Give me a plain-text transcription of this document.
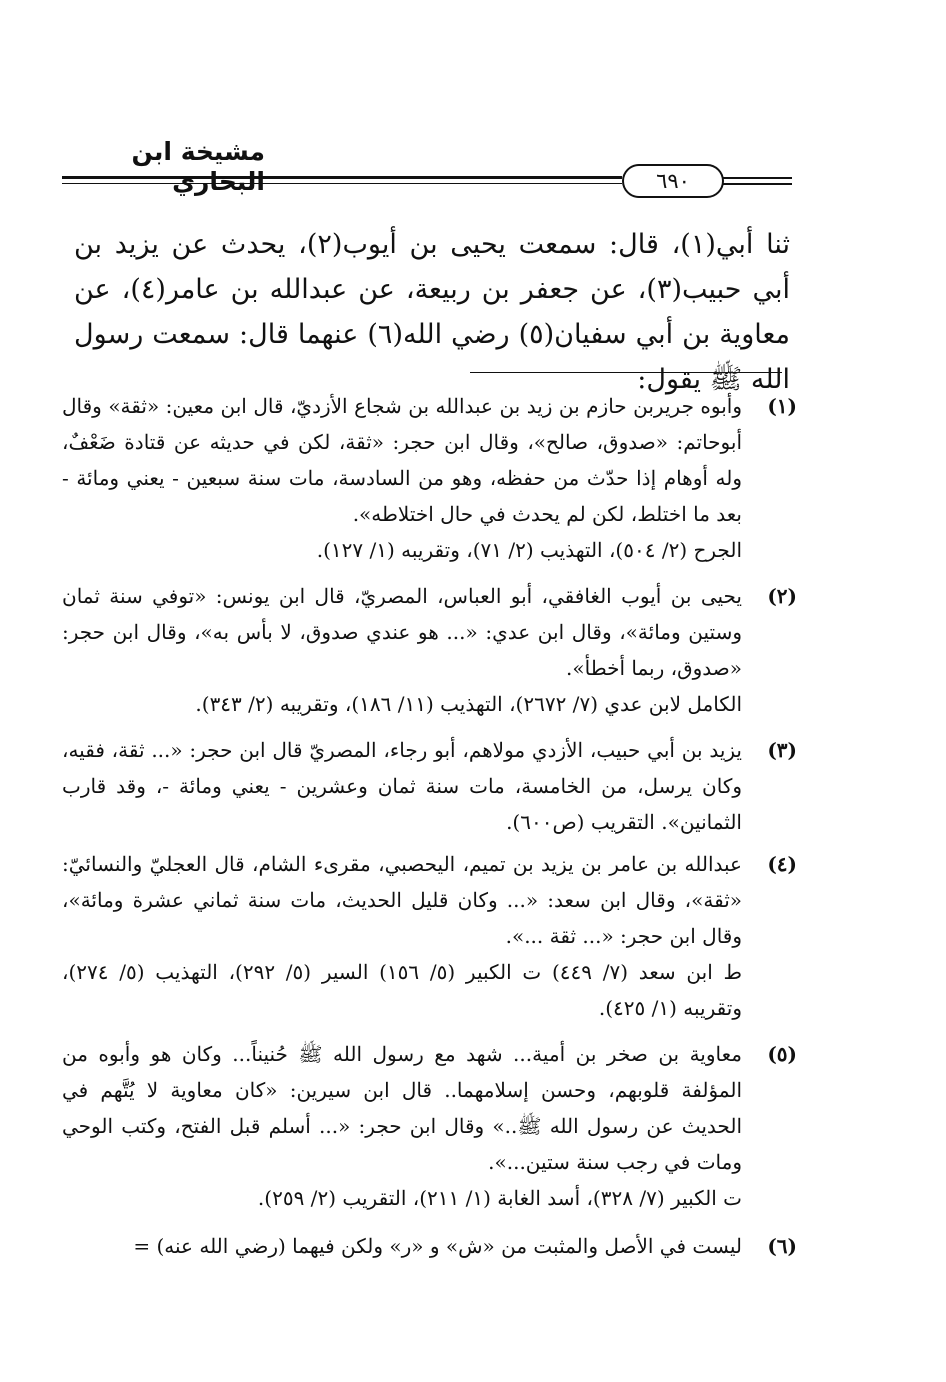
مشيخة ابن البخاري	٦٩٠

ثنا أبي(١)، قال: سمعت يحيى بن أيوب(٢)، يحدث عن يزيد بن أبي حبيب(٣)، عن جعفر بن ربيعة، عن عبدالله بن عامر(٤)، عن معاوية بن أبي سفيان(٥) رضي الله(٦) عنهما قال: سمعت رسول الله ﷺ يقول:

(١)
وأبوه جريربن حازم بن زيد بن عبدالله بن شجاع الأزديّ، قال ابن معين: «ثقة» وقال أبوحاتم: «صدوق، صالح»، وقال ابن حجر: «ثقة، لكن في حديثه عن قتادة ضَعْفٌ، وله أوهام إذا حدّث من حفظه، وهو من السادسة، مات سنة سبعين - يعني ومائة - بعد ما اختلط، لكن لم يحدث في حال اختلاطه».
الجرح (٢/ ٥٠٤)، التهذيب (٢/ ٧١)، وتقريبه (١/ ١٢٧).
(٢)
يحيى بن أيوب الغافقي، أبو العباس، المصريّ، قال ابن يونس: «توفي سنة ثمان وستين ومائة»، وقال ابن عدي: «... هو عندي صدوق، لا بأس به»، وقال ابن حجر: «صدوق، ربما أخطأ».
الكامل لابن عدي (٧/ ٢٦٧٢)، التهذيب (١١/ ١٨٦)، وتقريبه (٢/ ٣٤٣).
(٣)
يزيد بن أبي حبيب، الأزدي مولاهم، أبو رجاء، المصريّ قال ابن حجر: «... ثقة، فقيه، وكان يرسل، من الخامسة، مات سنة ثمان وعشرين - يعني ومائة -، وقد قارب الثمانين». التقريب (ص٦٠٠).
(٤)
عبدالله بن عامر بن يزيد بن تميم، اليحصبي، مقرىء الشام، قال العجليّ والنسائيّ: «ثقة»، وقال ابن سعد: «... وكان قليل الحديث، مات سنة ثماني عشرة ومائة»، وقال ابن حجر: «... ثقة ...».
ط ابن سعد (٧/ ٤٤٩) ت الكبير (٥/ ١٥٦) السير (٥/ ٢٩٢)، التهذيب (٥/ ٢٧٤)، وتقريبه (١/ ٤٢٥).
(٥)
معاوية بن صخر بن أمية... شهد مع رسول الله ﷺ حُنيناً... وكان هو وأبوه من المؤلفة قلوبهم، وحسن إسلامهما.. قال ابن سيرين: «كان معاوية لا يُتَّهم في الحديث عن رسول الله ﷺ..» وقال ابن حجر: «... أسلم قبل الفتح، وكتب الوحي ومات في رجب سنة ستين...».
ت الكبير (٧/ ٣٢٨)، أسد الغابة (١/ ٢١١)، التقريب (٢/ ٢٥٩).
(٦)
ليست في الأصل والمثبت من «ش» و «ر» ولكن فيهما (رضي الله عنه) =
